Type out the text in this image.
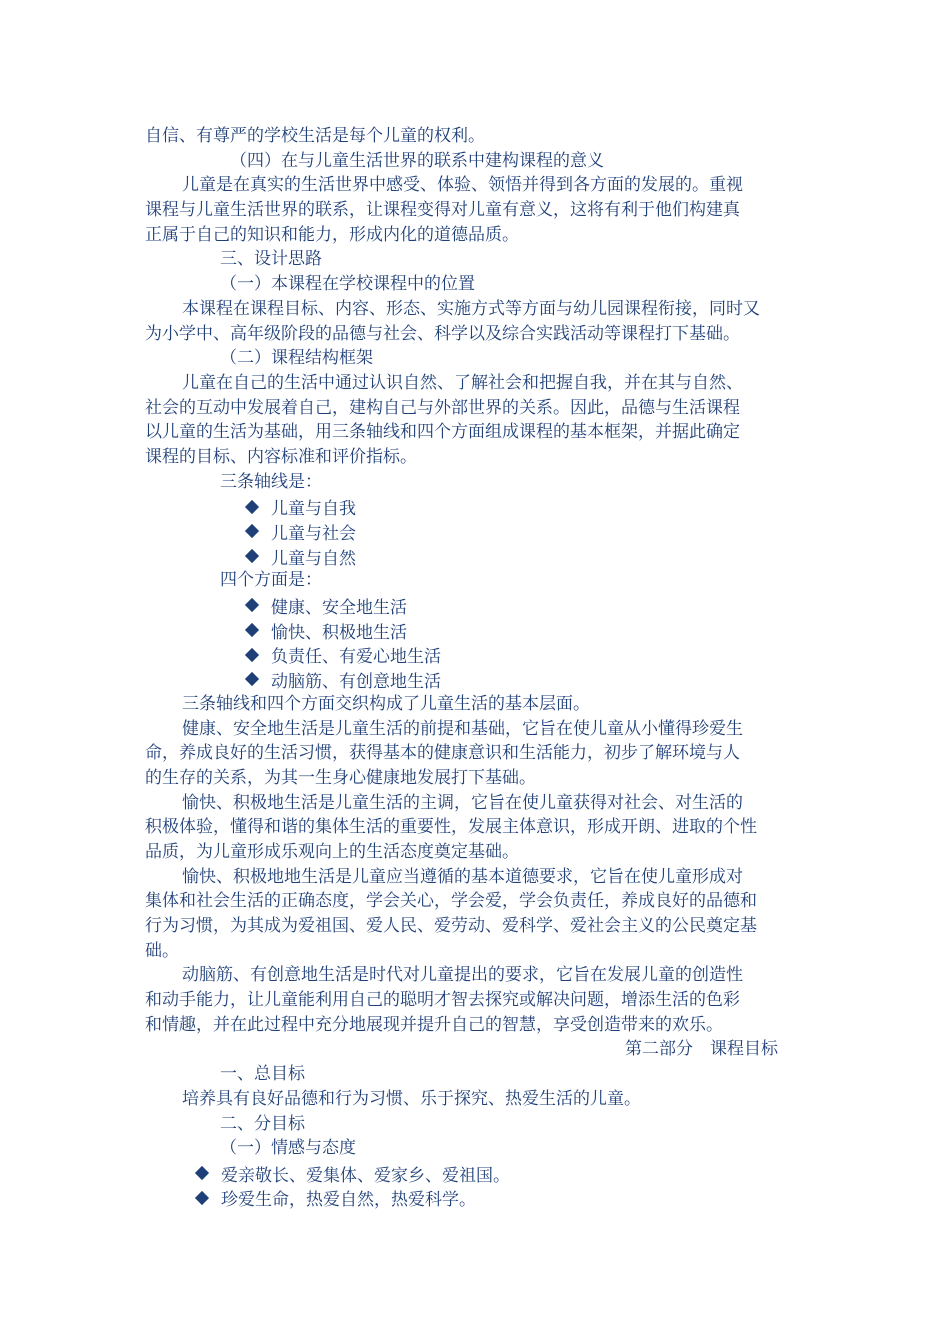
自信、有尊严的学校生活是每个儿童的权利。
（四）在与儿童生活世界的联系中建构课程的意义
儿童是在真实的生活世界中感受、体验、领悟并得到各方面的发展的。重视
课程与儿童生活世界的联系，让课程变得对儿童有意义，这将有利于他们构建真
正属于自己的知识和能力，形成内化的道德品质。
三、设计思路
（一）本课程在学校课程中的位置
本课程在课程目标、内容、形态、实施方式等方面与幼儿园课程衔接，同时又
为小学中、高年级阶段的品德与社会、科学以及综合实践活动等课程打下基础。
（二）课程结构框架
儿童在自己的生活中通过认识自然、了解社会和把握自我，并在其与自然、
社会的互动中发展着自己，建构自己与外部世界的关系。因此，品德与生活课程
以儿童的生活为基础，用三条轴线和四个方面组成课程的基本框架，并据此确定
课程的目标、内容标准和评价指标。
三条轴线是：
儿童与自我
儿童与社会
儿童与自然
四个方面是：
健康、安全地生活
愉快、积极地生活
负责任、有爱心地生活
动脑筋、有创意地生活
三条轴线和四个方面交织构成了儿童生活的基本层面。
健康、安全地生活是儿童生活的前提和基础，它旨在使儿童从小懂得珍爱生
命，养成良好的生活习惯，获得基本的健康意识和生活能力，初步了解环境与人
的生存的关系，为其一生身心健康地发展打下基础。
愉快、积极地生活是儿童生活的主调，它旨在使儿童获得对社会、对生活的
积极体验，懂得和谐的集体生活的重要性，发展主体意识，形成开朗、进取的个性
品质，为儿童形成乐观向上的生活态度奠定基础。
愉快、积极地地生活是儿童应当遵循的基本道德要求，它旨在使儿童形成对
集体和社会生活的正确态度，学会关心，学会爱，学会负责任，养成良好的品德和
行为习惯，为其成为爱祖国、爱人民、爱劳动、爱科学、爱社会主义的公民奠定基
础。
动脑筋、有创意地生活是时代对儿童提出的要求，它旨在发展儿童的创造性
和动手能力，让儿童能利用自己的聪明才智去探究或解决问题，增添生活的色彩
和情趣，并在此过程中充分地展现并提升自己的智慧，享受创造带来的欢乐。
第二部分　课程目标
一、总目标
培养具有良好品德和行为习惯、乐于探究、热爱生活的儿童。
二、分目标
（一）情感与态度
爱亲敬长、爱集体、爱家乡、爱祖国。
珍爱生命，热爱自然，热爱科学。
